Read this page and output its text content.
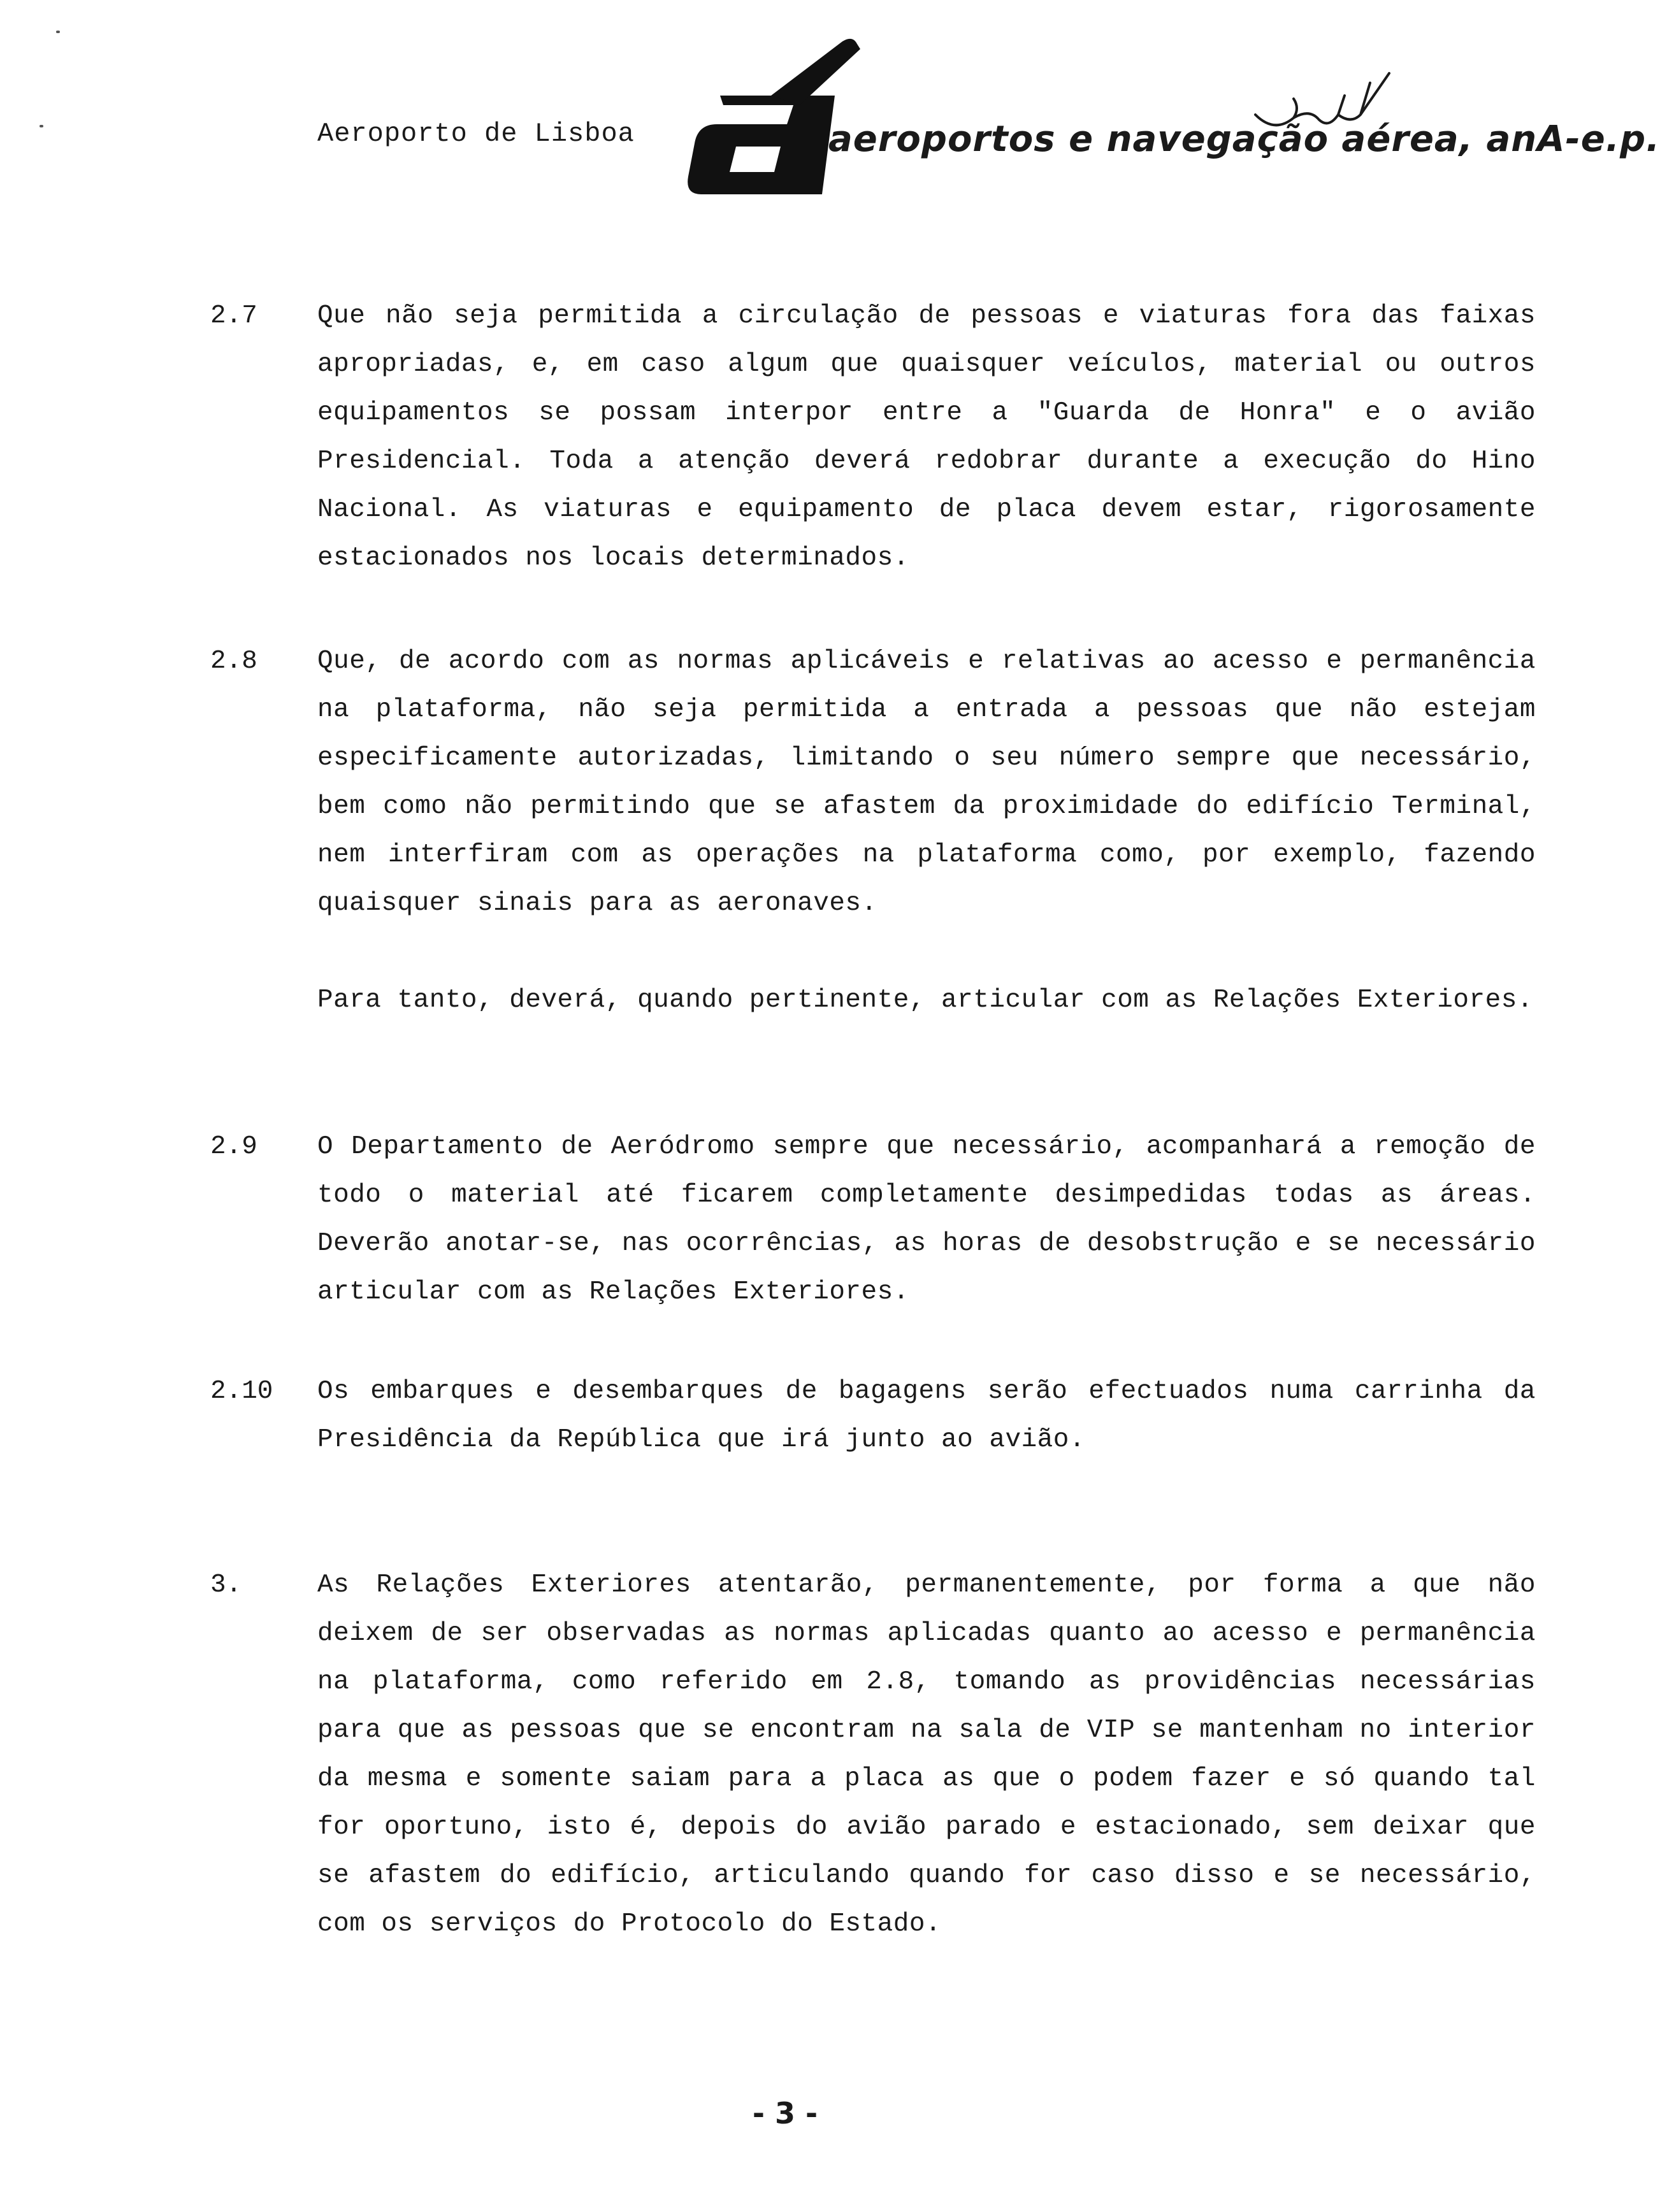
Aeroporto de Lisboa	aeroportos e navegação aérea, anA-e.p.
2.7	Que não seja permitida a circulação de pessoas e viaturas fora das faixas apropriadas, e, em caso algum que quaisquer veículos, material ou outros equipamentos se possam interpor entre a "Guarda de Honra" e o avião Presidencial. Toda a atenção deverá redobrar durante a execução do Hino Nacional. As viaturas e equipamento de placa devem estar, rigorosamente estacionados nos locais determinados.
2.8	Que, de acordo com as normas aplicáveis e relativas ao acesso e permanência na plataforma, não seja permitida a entrada a pessoas que não estejam especificamente autorizadas, limitando o seu número sempre que necessário, bem como não permitindo que se afastem da proximidade do edifício Terminal, nem interfiram com as operações na plataforma como, por exemplo, fazendo quaisquer sinais para as aeronaves.
Para tanto, deverá, quando pertinente, articular com as Relações Exteriores.
2.9	O Departamento de Aeródromo sempre que necessário, acompanhará a remoção de todo o material até ficarem completamente desimpedidas todas as áreas. Deverão anotar-se, nas ocorrências, as horas de desobstrução e se necessário articular com as Relações Exteriores.
2.10	Os embarques e desembarques de bagagens serão efectuados numa carrinha da Presidência da República que irá junto ao avião.
3.	As Relações Exteriores atentarão, permanentemente, por forma a que não deixem de ser observadas as normas aplicadas quanto ao acesso e permanência na plataforma, como referido em 2.8, tomando as providências necessárias para que as pessoas que se encontram na sala de VIP se mantenham no interior da mesma e somente saiam para a placa as que o podem fazer e só quando tal for oportuno, isto é, depois do avião parado e estacionado, sem deixar que se afastem do edifício, articulando quando for caso disso e se necessário, com os serviços do Protocolo do Estado.
- 3 -
